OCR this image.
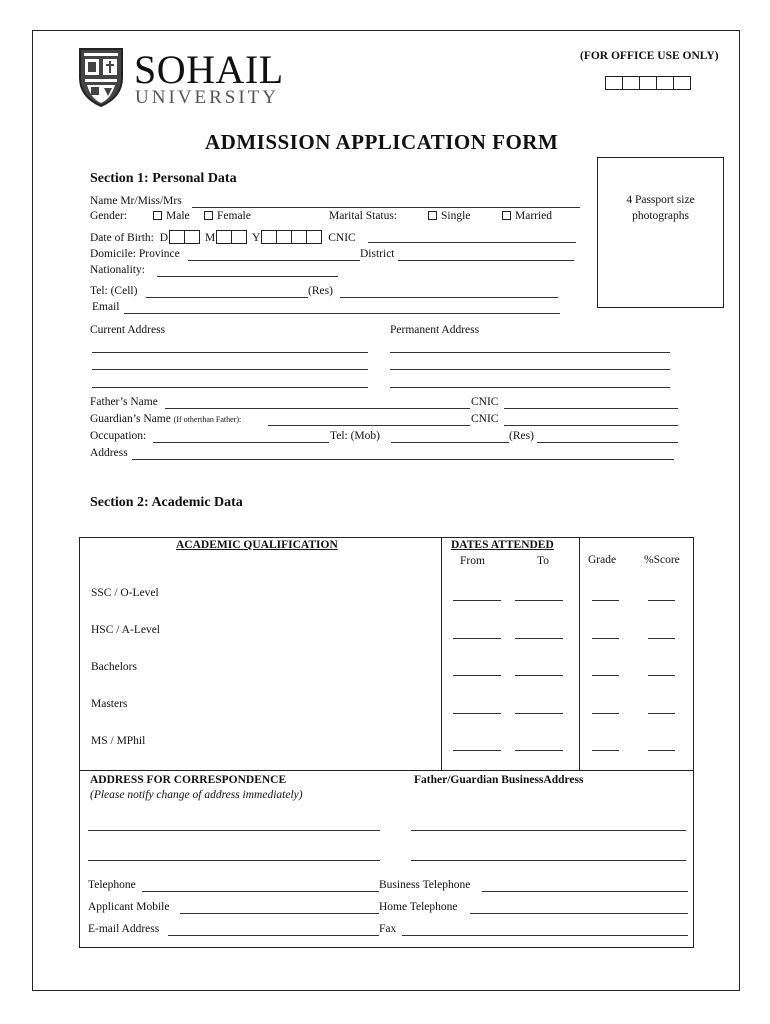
SOHAIL
UNIVERSITY
(FOR OFFICE USE ONLY)
ADMISSION APPLICATION FORM
4 Passport size
photographs
Section 1: Personal Data
Name Mr/Miss/Mrs
Gender:	Male	Female	Marital Status:	Single	Married
Date of Birth: D	M	Y	CNIC
Domicile: Province	District
Nationality:
Tel: (Cell)	(Res)
Email
Current Address	Permanent Address
Father’s Name	CNIC
Guardian’s Name (If otherthan Father):	CNIC
Occupation:	Tel: (Mob)	(Res)
Address
Section 2: Academic Data
ACADEMIC QUALIFICATION	DATES ATTENDED
From	To	Grade %Score
SSC / O-Level
HSC / A-Level
Bachelors
Masters
MS / MPhil
ADDRESS FOR CORRESPONDENCE
(Please notify change of address immediately)
Father/Guardian BusinessAddress
Telephone	Business Telephone
Applicant Mobile	Home Telephone
E-mail Address	Fax
